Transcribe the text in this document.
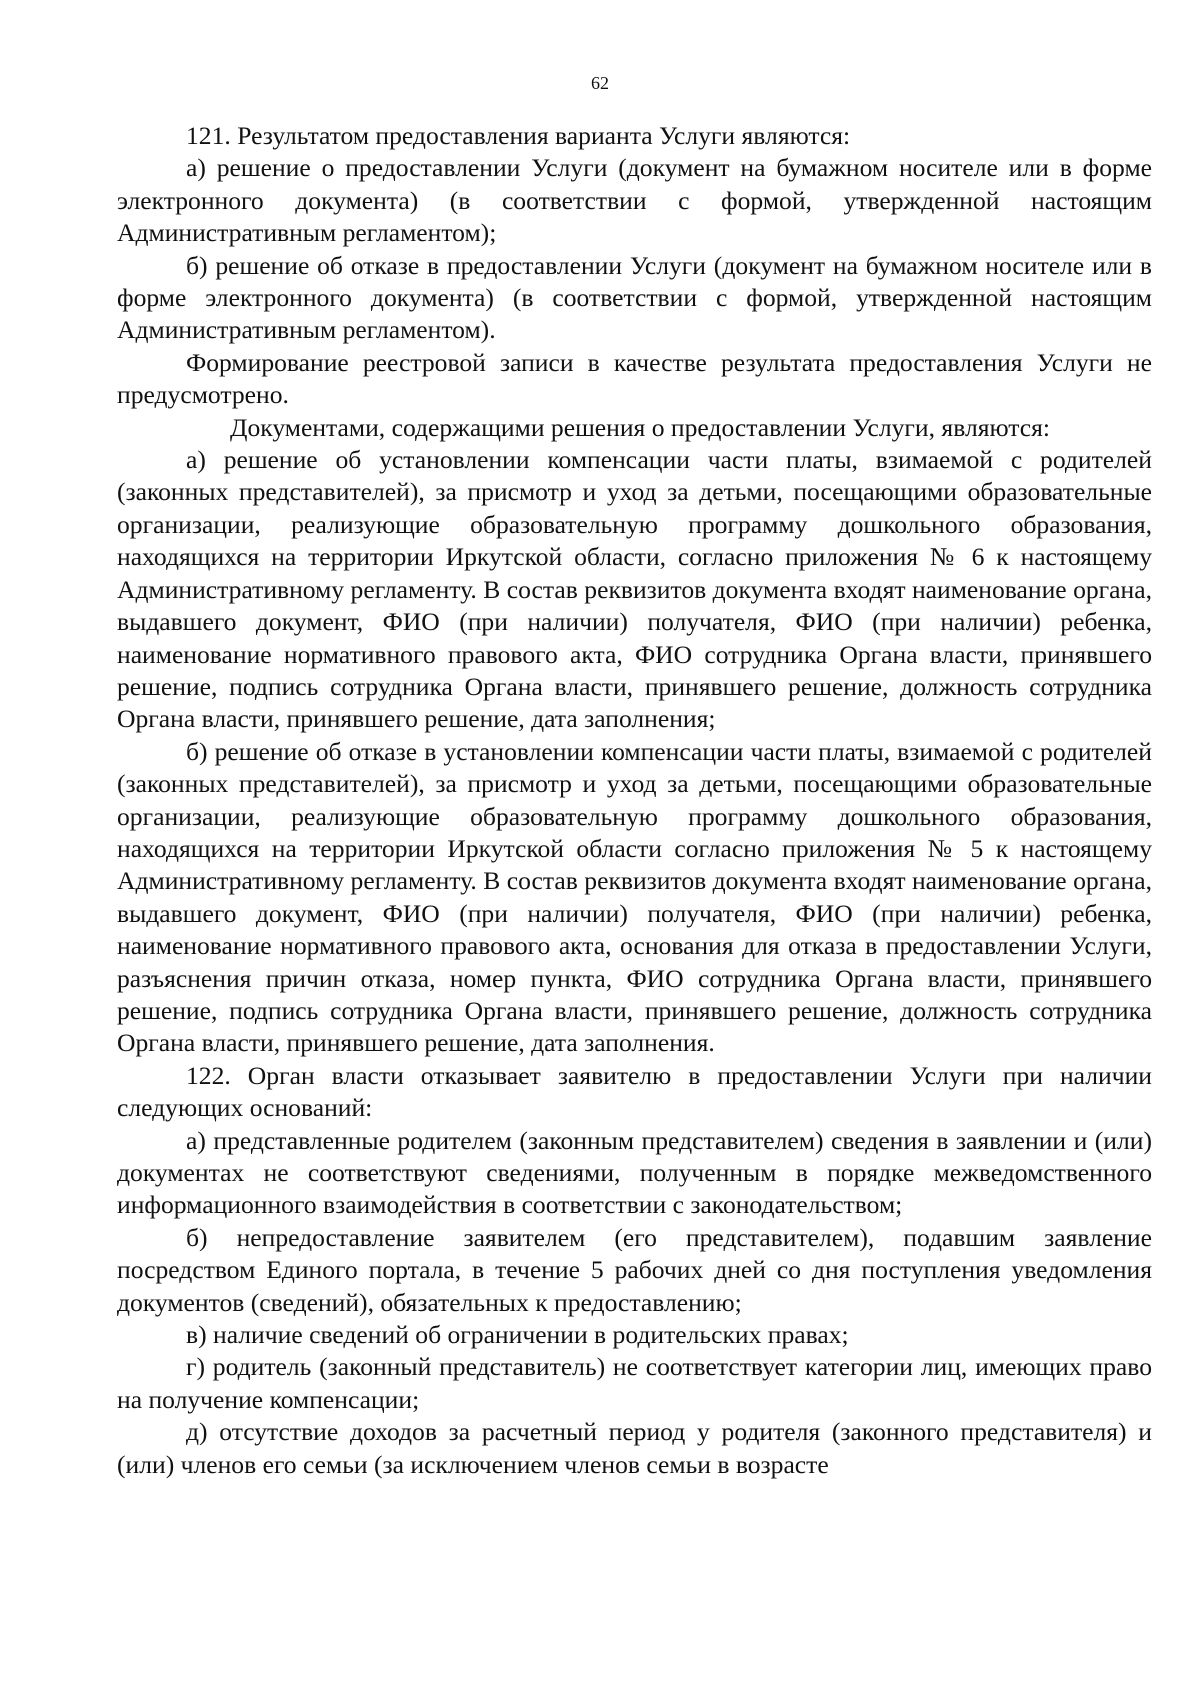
62

121. Результатом предоставления варианта Услуги являются:

а) решение о предоставлении Услуги (документ на бумажном носителе или в форме электронного документа) (в соответствии с формой, утвержденной настоящим Административным регламентом);

б) решение об отказе в предоставлении Услуги (документ на бумажном носителе или в форме электронного документа) (в соответствии с формой, утвержденной настоящим Административным регламентом).

Формирование реестровой записи в качестве результата предоставления Услуги не предусмотрено.

Документами, содержащими решения о предоставлении Услуги, являются:

а) решение об установлении компенсации части платы, взимаемой с родителей (законных представителей), за присмотр и уход за детьми, посещающими образовательные организации, реализующие образовательную программу дошкольного образования, находящихся на территории Иркутской области, согласно приложения № 6 к настоящему Административному регламенту. В состав реквизитов документа входят наименование органа, выдавшего документ, ФИО (при наличии) получателя, ФИО (при наличии) ребенка, наименование нормативного правового акта, ФИО сотрудника Органа власти, принявшего решение, подпись сотрудника Органа власти, принявшего решение, должность сотрудника Органа власти, принявшего решение, дата заполнения;

б) решение об отказе в установлении компенсации части платы, взимаемой с родителей (законных представителей), за присмотр и уход за детьми, посещающими образовательные организации, реализующие образовательную программу дошкольного образования, находящихся на территории Иркутской области согласно приложения № 5 к настоящему Административному регламенту. В состав реквизитов документа входят наименование органа, выдавшего документ, ФИО (при наличии) получателя, ФИО (при наличии) ребенка, наименование нормативного правового акта, основания для отказа в предоставлении Услуги, разъяснения причин отказа, номер пункта, ФИО сотрудника Органа власти, принявшего решение, подпись сотрудника Органа власти, принявшего решение, должность сотрудника Органа власти, принявшего решение, дата заполнения.

122. Орган власти отказывает заявителю в предоставлении Услуги при наличии следующих оснований:

а) представленные родителем (законным представителем) сведения в заявлении и (или) документах не соответствуют сведениями, полученным в порядке межведомственного информационного взаимодействия в соответствии с законодательством;

б) непредоставление заявителем (его представителем), подавшим заявление посредством Единого портала, в течение 5 рабочих дней со дня поступления уведомления документов (сведений), обязательных к предоставлению;

в) наличие сведений об ограничении в родительских правах;

г) родитель (законный представитель) не соответствует категории лиц, имеющих право на получение компенсации;

д) отсутствие доходов за расчетный период у родителя (законного представителя) и (или) членов его семьи (за исключением членов семьи в возрасте
